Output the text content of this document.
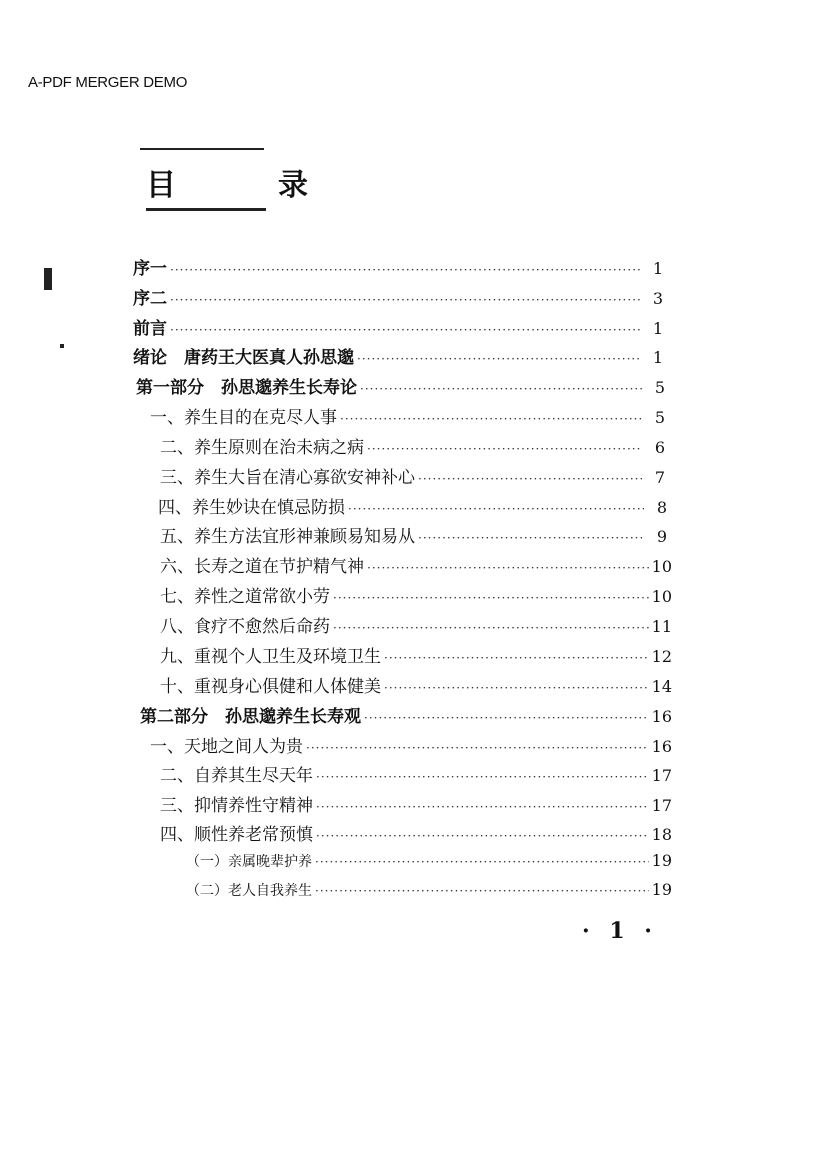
A-PDF MERGER DEMO
目　录
序一 ·····	1
序二 ·····	3
前言 ·····	1
绪论　唐药王大医真人孙思邈 ·····	1
第一部分　孙思邈养生长寿论 ·····	5
一、养生目的在克尽人事 ·····	5
二、养生原则在治未病之病 ·····	6
三、养生大旨在清心寡欲安神补心 ·····	7
四、养生妙诀在慎忌防损 ·····	8
五、养生方法宜形神兼顾易知易从 ·····	9
六、长寿之道在节护精气神 ·····	10
七、养性之道常欲小劳 ·····	10
八、食疗不愈然后命药 ·····	11
九、重视个人卫生及环境卫生 ·····	12
十、重视身心俱健和人体健美 ·····	14
第二部分　孙思邈养生长寿观 ·····	16
一、天地之间人为贵 ·····	16
二、自养其生尽天年 ·····	17
三、抑情养性守精神 ·····	17
四、顺性养老常预慎 ·····	18
（一）亲属晚辈护养 ·····	19
（二）老人自我养生 ·····	19
· 1 ·
